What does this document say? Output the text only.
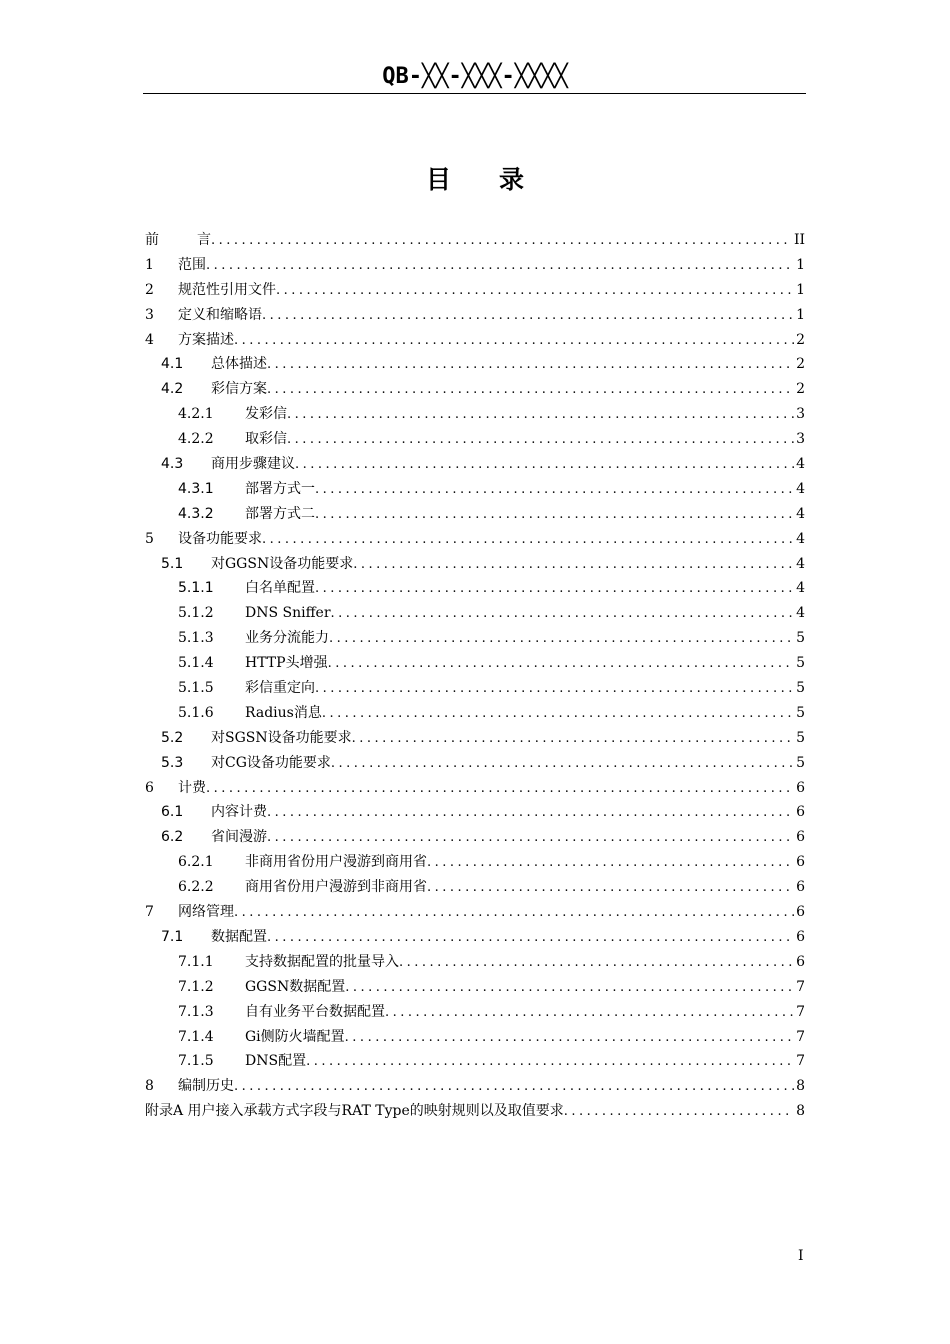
QB-╳╳-╳╳╳-╳╳╳╳
目录
前	言 .....	II
1	范围 .....	1
2	规范性引用文件 .....	1
3	定义和缩略语 .....	1
4	方案描述 .....	2
4.1	总体描述 .....	2
4.2	彩信方案 .....	2
4.2.1	发彩信 .....	3
4.2.2	取彩信 .....	3
4.3	商用步骤建议 .....	4
4.3.1	部署方式一 .....	4
4.3.2	部署方式二 .....	4
5	设备功能要求 .....	4
5.1	对GGSN设备功能要求 .....	4
5.1.1	白名单配置 .....	4
5.1.2	DNS Sniffer .....	4
5.1.3	业务分流能力 .....	5
5.1.4	HTTP头增强 .....	5
5.1.5	彩信重定向 .....	5
5.1.6	Radius消息 .....	5
5.2	对SGSN设备功能要求 .....	5
5.3	对CG设备功能要求 .....	5
6	计费 .....	6
6.1	内容计费 .....	6
6.2	省间漫游 .....	6
6.2.1	非商用省份用户漫游到商用省 .....	6
6.2.2	商用省份用户漫游到非商用省 .....	6
7	网络管理 .....	6
7.1	数据配置 .....	6
7.1.1	支持数据配置的批量导入 .....	6
7.1.2	GGSN数据配置 .....	7
7.1.3	自有业务平台数据配置 .....	7
7.1.4	Gi侧防火墙配置 .....	7
7.1.5	DNS配置 .....	7
8	编制历史 .....	8
附录A 用户接入承载方式字段与RAT Type的映射规则以及取值要求 .....	8
I
